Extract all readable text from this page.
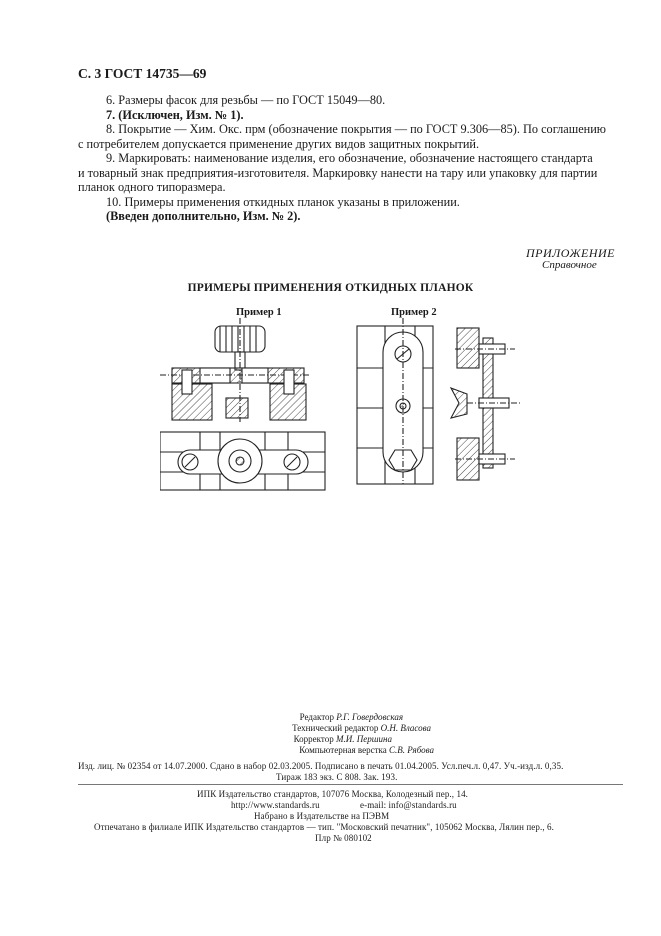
С. 3 ГОСТ 14735—69
6. Размеры фасок для резьбы — по ГОСТ 15049—80.
7. (Исключен, Изм. № 1).
8. Покрытие — Хим. Окс. прм (обозначение покрытия — по ГОСТ 9.306—85). По соглашению
с потребителем допускается применение других видов защитных покрытий.
9. Маркировать: наименование изделия, его обозначение, обозначение настоящего стандарта
и товарный знак предприятия-изготовителя. Маркировку нанести на тару или упаковку для партии
планок одного типоразмера.
10. Примеры применения откидных планок указаны в приложении.
(Введен дополнительно, Изм. № 2).
ПРИЛОЖЕНИЕ
Справочное
ПРИМЕРЫ ПРИМЕНЕНИЯ ОТКИДНЫХ ПЛАНОК
Пример 1	Пример 2
Редактор Р.Г. Говердовская
Технический редактор О.Н. Власова
Корректор М.И. Першина
Компьютерная верстка С.В. Рябова
Изд. лиц. № 02354 от 14.07.2000. Сдано в набор 02.03.2005. Подписано в печать 01.04.2005. Усл.печ.л. 0,47. Уч.-изд.л. 0,35.
Тираж 183 экз. С 808. Зак. 193.
ИПК Издательство стандартов, 107076 Москва, Колодезный пер., 14.
http://www.standards.ru	e-mail: info@standards.ru
Набрано в Издательстве на ПЭВМ
Отпечатано в филиале ИПК Издательство стандартов — тип. "Московский печатник", 105062 Москва, Лялин пер., 6.
Плр № 080102
